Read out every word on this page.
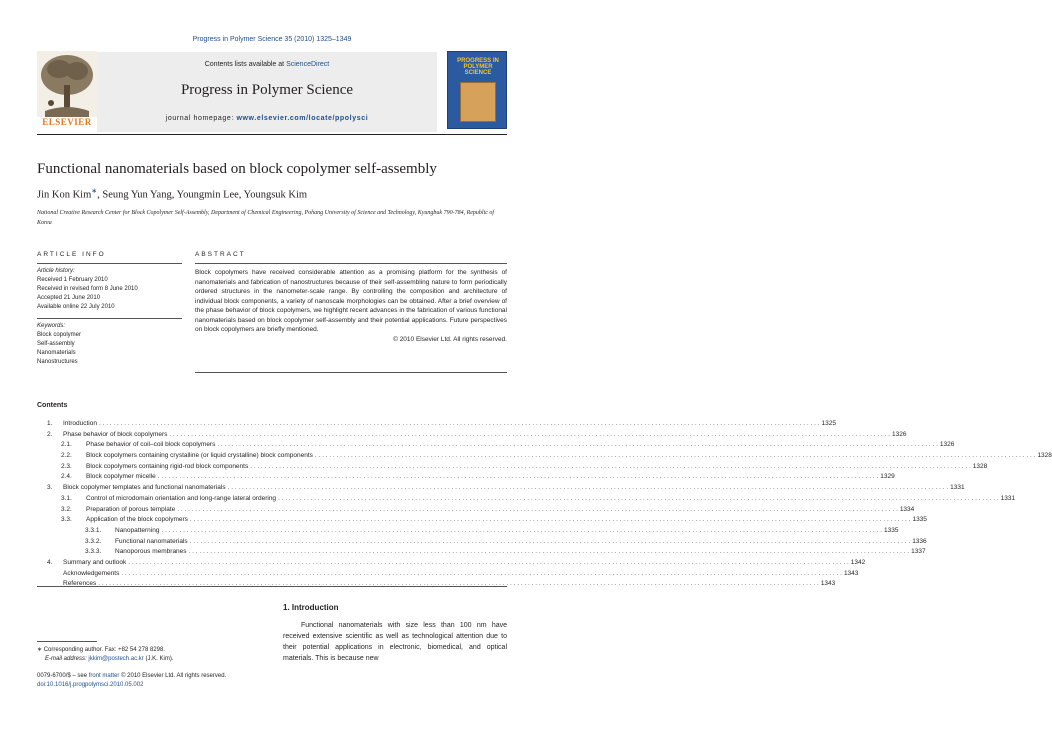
Progress in Polymer Science 35 (2010) 1325–1349
Contents lists available at ScienceDirect
Progress in Polymer Science
journal homepage: www.elsevier.com/locate/ppolysci
ELSEVIER
PROGRESS IN POLYMER SCIENCE
Functional nanomaterials based on block copolymer self-assembly
Jin Kon Kim∗, Seung Yun Yang, Youngmin Lee, Youngsuk Kim
National Creative Research Center for Block Copolymer Self-Assembly, Department of Chemical Engineering, Pohang University of Science and Technology, Kyungbuk 790-784, Republic of Korea
ARTICLE INFO
Article history:
Received 1 February 2010
Received in revised form 8 June 2010
Accepted 21 June 2010
Available online 22 July 2010
Keywords:
Block copolymer
Self-assembly
Nanomaterials
Nanostructures
ABSTRACT
Block copolymers have received considerable attention as a promising platform for the synthesis of nanomaterials and fabrication of nanostructures because of their self-assembling nature to form periodically ordered structures in the nanometer-scale range. By controlling the composition and architecture of individual block components, a variety of nanoscale morphologies can be obtained. After a brief overview of the phase behavior of block copolymers, we highlight recent advances in the fabrication of various functional nanomaterials based on block copolymer self-assembly and their potential applications. Future perspectives on block copolymers are briefly mentioned.
© 2010 Elsevier Ltd. All rights reserved.
Contents
1.	Introduction . . . . . . . . . . . . . . . . . . . . . . . . . . . . . . . . . . . . . . . . . . . . . . . . . . . . . . . . . . . . . . . . . . . . . . . . . . . . . . . . . . . . . . . . . . . . . . . . . . . . . . . . . . . . . . . . . . . . . . . . . . . . . . . . . . . . . . . . . . . . . . . . . . . . . . . . . . . . . . . . . . . . . . . . . . . . . . . . . . . . . . . . . . . . . . . . . . . . . . . . 1325
2.	Phase behavior of block copolymers . . . . . . . . . . . . . . . . . . . . . . . . . . . . . . . . . . . . . . . . . . . . . . . . . . . . . . . . . . . . . . . . . . . . . . . . . . . . . . . . . . . . . . . . . . . . . . . . . . . . . . . . . . . . . . . . . . . . . . . . . . . . . . . . . . . . . . . . . . . . . . . . . . . . . . . . . . . . . . . . . . . . . . . . . . . . . . . . . . . . . . . . . . . . . . . . . . . . . . . . 1326
2.1.	Phase behavior of coil–coil block copolymers . . . . . . . . . . . . . . . . . . . . . . . . . . . . . . . . . . . . . . . . . . . . . . . . . . . . . . . . . . . . . . . . . . . . . . . . . . . . . . . . . . . . . . . . . . . . . . . . . . . . . . . . . . . . . . . . . . . . . . . . . . . . . . . . . . . . . . . . . . . . . . . . . . . . . . . . . . . . . . . . . . . . . . . . . . . . . . . . . . . . . . . . . . . . . . . . . . . . . . . . 1326
2.2.	Block copolymers containing crystalline (or liquid crystalline) block components . . . . . . . . . . . . . . . . . . . . . . . . . . . . . . . . . . . . . . . . . . . . . . . . . . . . . . . . . . . . . . . . . . . . . . . . . . . . . . . . . . . . . . . . . . . . . . . . . . . . . . . . . . . . . . . . . . . . . . . . . . . . . . . . . . . . . . . . . . . . . . . . . . . . . . . . . . . . . . . . . . . . . . . . . . . . . . . . . . . . . . . . . . . . . . . . . . . . . . . . 1328
2.3.	Block copolymers containing rigid-rod block components . . . . . . . . . . . . . . . . . . . . . . . . . . . . . . . . . . . . . . . . . . . . . . . . . . . . . . . . . . . . . . . . . . . . . . . . . . . . . . . . . . . . . . . . . . . . . . . . . . . . . . . . . . . . . . . . . . . . . . . . . . . . . . . . . . . . . . . . . . . . . . . . . . . . . . . . . . . . . . . . . . . . . . . . . . . . . . . . . . . . . . . . . . . . . . . . . . . . . . . . 1328
2.4.	Block copolymer micelle . . . . . . . . . . . . . . . . . . . . . . . . . . . . . . . . . . . . . . . . . . . . . . . . . . . . . . . . . . . . . . . . . . . . . . . . . . . . . . . . . . . . . . . . . . . . . . . . . . . . . . . . . . . . . . . . . . . . . . . . . . . . . . . . . . . . . . . . . . . . . . . . . . . . . . . . . . . . . . . . . . . . . . . . . . . . . . . . . . . . . . . . . . . . . . . . . . . . . . . . 1329
3.	Block copolymer templates and functional nanomaterials . . . . . . . . . . . . . . . . . . . . . . . . . . . . . . . . . . . . . . . . . . . . . . . . . . . . . . . . . . . . . . . . . . . . . . . . . . . . . . . . . . . . . . . . . . . . . . . . . . . . . . . . . . . . . . . . . . . . . . . . . . . . . . . . . . . . . . . . . . . . . . . . . . . . . . . . . . . . . . . . . . . . . . . . . . . . . . . . . . . . . . . . . . . . . . . . . . . . . . . . 1331
3.1.	Control of microdomain orientation and long-range lateral ordering . . . . . . . . . . . . . . . . . . . . . . . . . . . . . . . . . . . . . . . . . . . . . . . . . . . . . . . . . . . . . . . . . . . . . . . . . . . . . . . . . . . . . . . . . . . . . . . . . . . . . . . . . . . . . . . . . . . . . . . . . . . . . . . . . . . . . . . . . . . . . . . . . . . . . . . . . . . . . . . . . . . . . . . . . . . . . . . . . . . . . . . . . . . . . . . . . . . . . . . . 1331
3.2.	Preparation of porous template . . . . . . . . . . . . . . . . . . . . . . . . . . . . . . . . . . . . . . . . . . . . . . . . . . . . . . . . . . . . . . . . . . . . . . . . . . . . . . . . . . . . . . . . . . . . . . . . . . . . . . . . . . . . . . . . . . . . . . . . . . . . . . . . . . . . . . . . . . . . . . . . . . . . . . . . . . . . . . . . . . . . . . . . . . . . . . . . . . . . . . . . . . . . . . . . . . . . . . . . 1334
3.3.	Application of the block copolymers . . . . . . . . . . . . . . . . . . . . . . . . . . . . . . . . . . . . . . . . . . . . . . . . . . . . . . . . . . . . . . . . . . . . . . . . . . . . . . . . . . . . . . . . . . . . . . . . . . . . . . . . . . . . . . . . . . . . . . . . . . . . . . . . . . . . . . . . . . . . . . . . . . . . . . . . . . . . . . . . . . . . . . . . . . . . . . . . . . . . . . . . . . . . . . . . . . . . . . . . 1335
3.3.1.	Nanopatterning . . . . . . . . . . . . . . . . . . . . . . . . . . . . . . . . . . . . . . . . . . . . . . . . . . . . . . . . . . . . . . . . . . . . . . . . . . . . . . . . . . . . . . . . . . . . . . . . . . . . . . . . . . . . . . . . . . . . . . . . . . . . . . . . . . . . . . . . . . . . . . . . . . . . . . . . . . . . . . . . . . . . . . . . . . . . . . . . . . . . . . . . . . . . . . . . . . . . . . . . 1335
3.3.2.	Functional nanomaterials . . . . . . . . . . . . . . . . . . . . . . . . . . . . . . . . . . . . . . . . . . . . . . . . . . . . . . . . . . . . . . . . . . . . . . . . . . . . . . . . . . . . . . . . . . . . . . . . . . . . . . . . . . . . . . . . . . . . . . . . . . . . . . . . . . . . . . . . . . . . . . . . . . . . . . . . . . . . . . . . . . . . . . . . . . . . . . . . . . . . . . . . . . . . . . . . . . . . . . . . 1336
3.3.3.	Nanoporous membranes . . . . . . . . . . . . . . . . . . . . . . . . . . . . . . . . . . . . . . . . . . . . . . . . . . . . . . . . . . . . . . . . . . . . . . . . . . . . . . . . . . . . . . . . . . . . . . . . . . . . . . . . . . . . . . . . . . . . . . . . . . . . . . . . . . . . . . . . . . . . . . . . . . . . . . . . . . . . . . . . . . . . . . . . . . . . . . . . . . . . . . . . . . . . . . . . . . . . . . . . 1337
4.	Summary and outlook . . . . . . . . . . . . . . . . . . . . . . . . . . . . . . . . . . . . . . . . . . . . . . . . . . . . . . . . . . . . . . . . . . . . . . . . . . . . . . . . . . . . . . . . . . . . . . . . . . . . . . . . . . . . . . . . . . . . . . . . . . . . . . . . . . . . . . . . . . . . . . . . . . . . . . . . . . . . . . . . . . . . . . . . . . . . . . . . . . . . . . . . . . . . . . . . . . . . . . . . 1342
Acknowledgements . . . . . . . . . . . . . . . . . . . . . . . . . . . . . . . . . . . . . . . . . . . . . . . . . . . . . . . . . . . . . . . . . . . . . . . . . . . . . . . . . . . . . . . . . . . . . . . . . . . . . . . . . . . . . . . . . . . . . . . . . . . . . . . . . . . . . . . . . . . . . . . . . . . . . . . . . . . . . . . . . . . . . . . . . . . . . . . . . . . . . . . . . . . . . . . . . . . . . . . . 1343
References . . . . . . . . . . . . . . . . . . . . . . . . . . . . . . . . . . . . . . . . . . . . . . . . . . . . . . . . . . . . . . . . . . . . . . . . . . . . . . . . . . . . . . . . . . . . . . . . . . . . . . . . . . . . . . . . . . . . . . . . . . . . . . . . . . . . . . . . . . . . . . . . . . . . . . . . . . . . . . . . . . . . . . . . . . . . . . . . . . . . . . . . . . . . . . . . . . . . . . . . 1343
1. Introduction
Functional nanomaterials with size less than 100 nm have received extensive scientific as well as technological attention due to their potential applications in electronic, biomedical, and optical materials. This is because new
∗ Corresponding author. Fax: +82 54 278 8298.
E-mail address: jkkim@postech.ac.kr (J.K. Kim).
0079-6700/$ – see front matter © 2010 Elsevier Ltd. All rights reserved.
doi:10.1016/j.progpolymsci.2010.05.002
